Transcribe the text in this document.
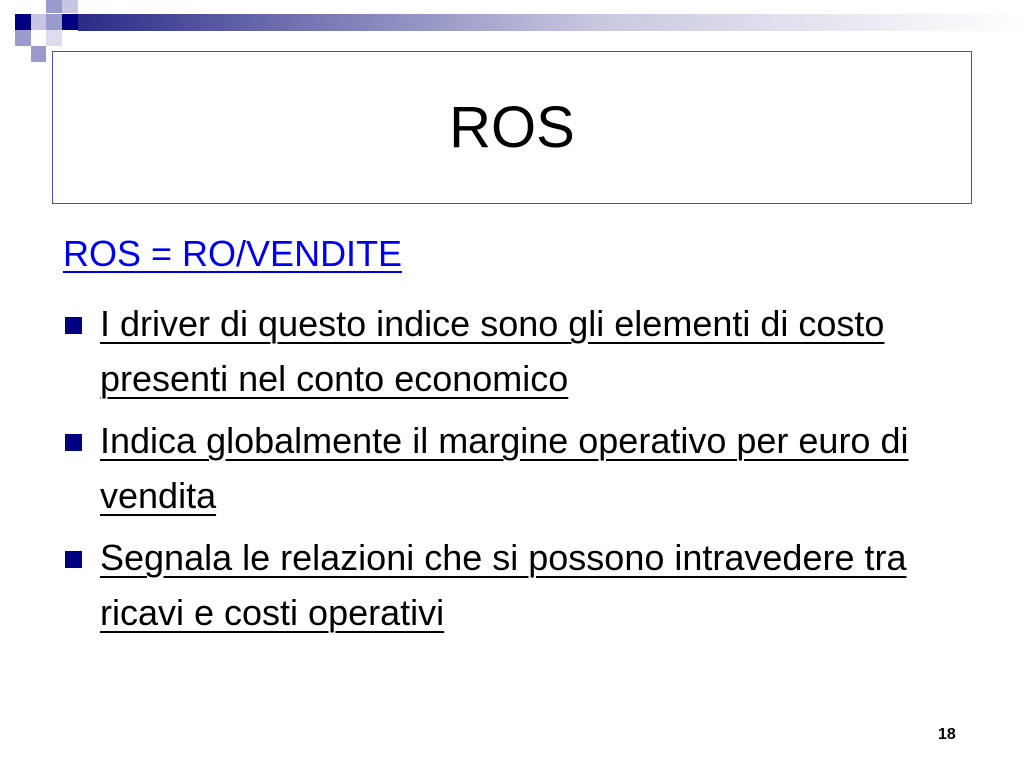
ROS
ROS = RO/VENDITE
I driver di questo indice sono gli elementi di costo presenti nel conto economico
Indica globalmente il margine operativo per euro di vendita
Segnala le relazioni che si possono intravedere tra ricavi e costi operativi
18
